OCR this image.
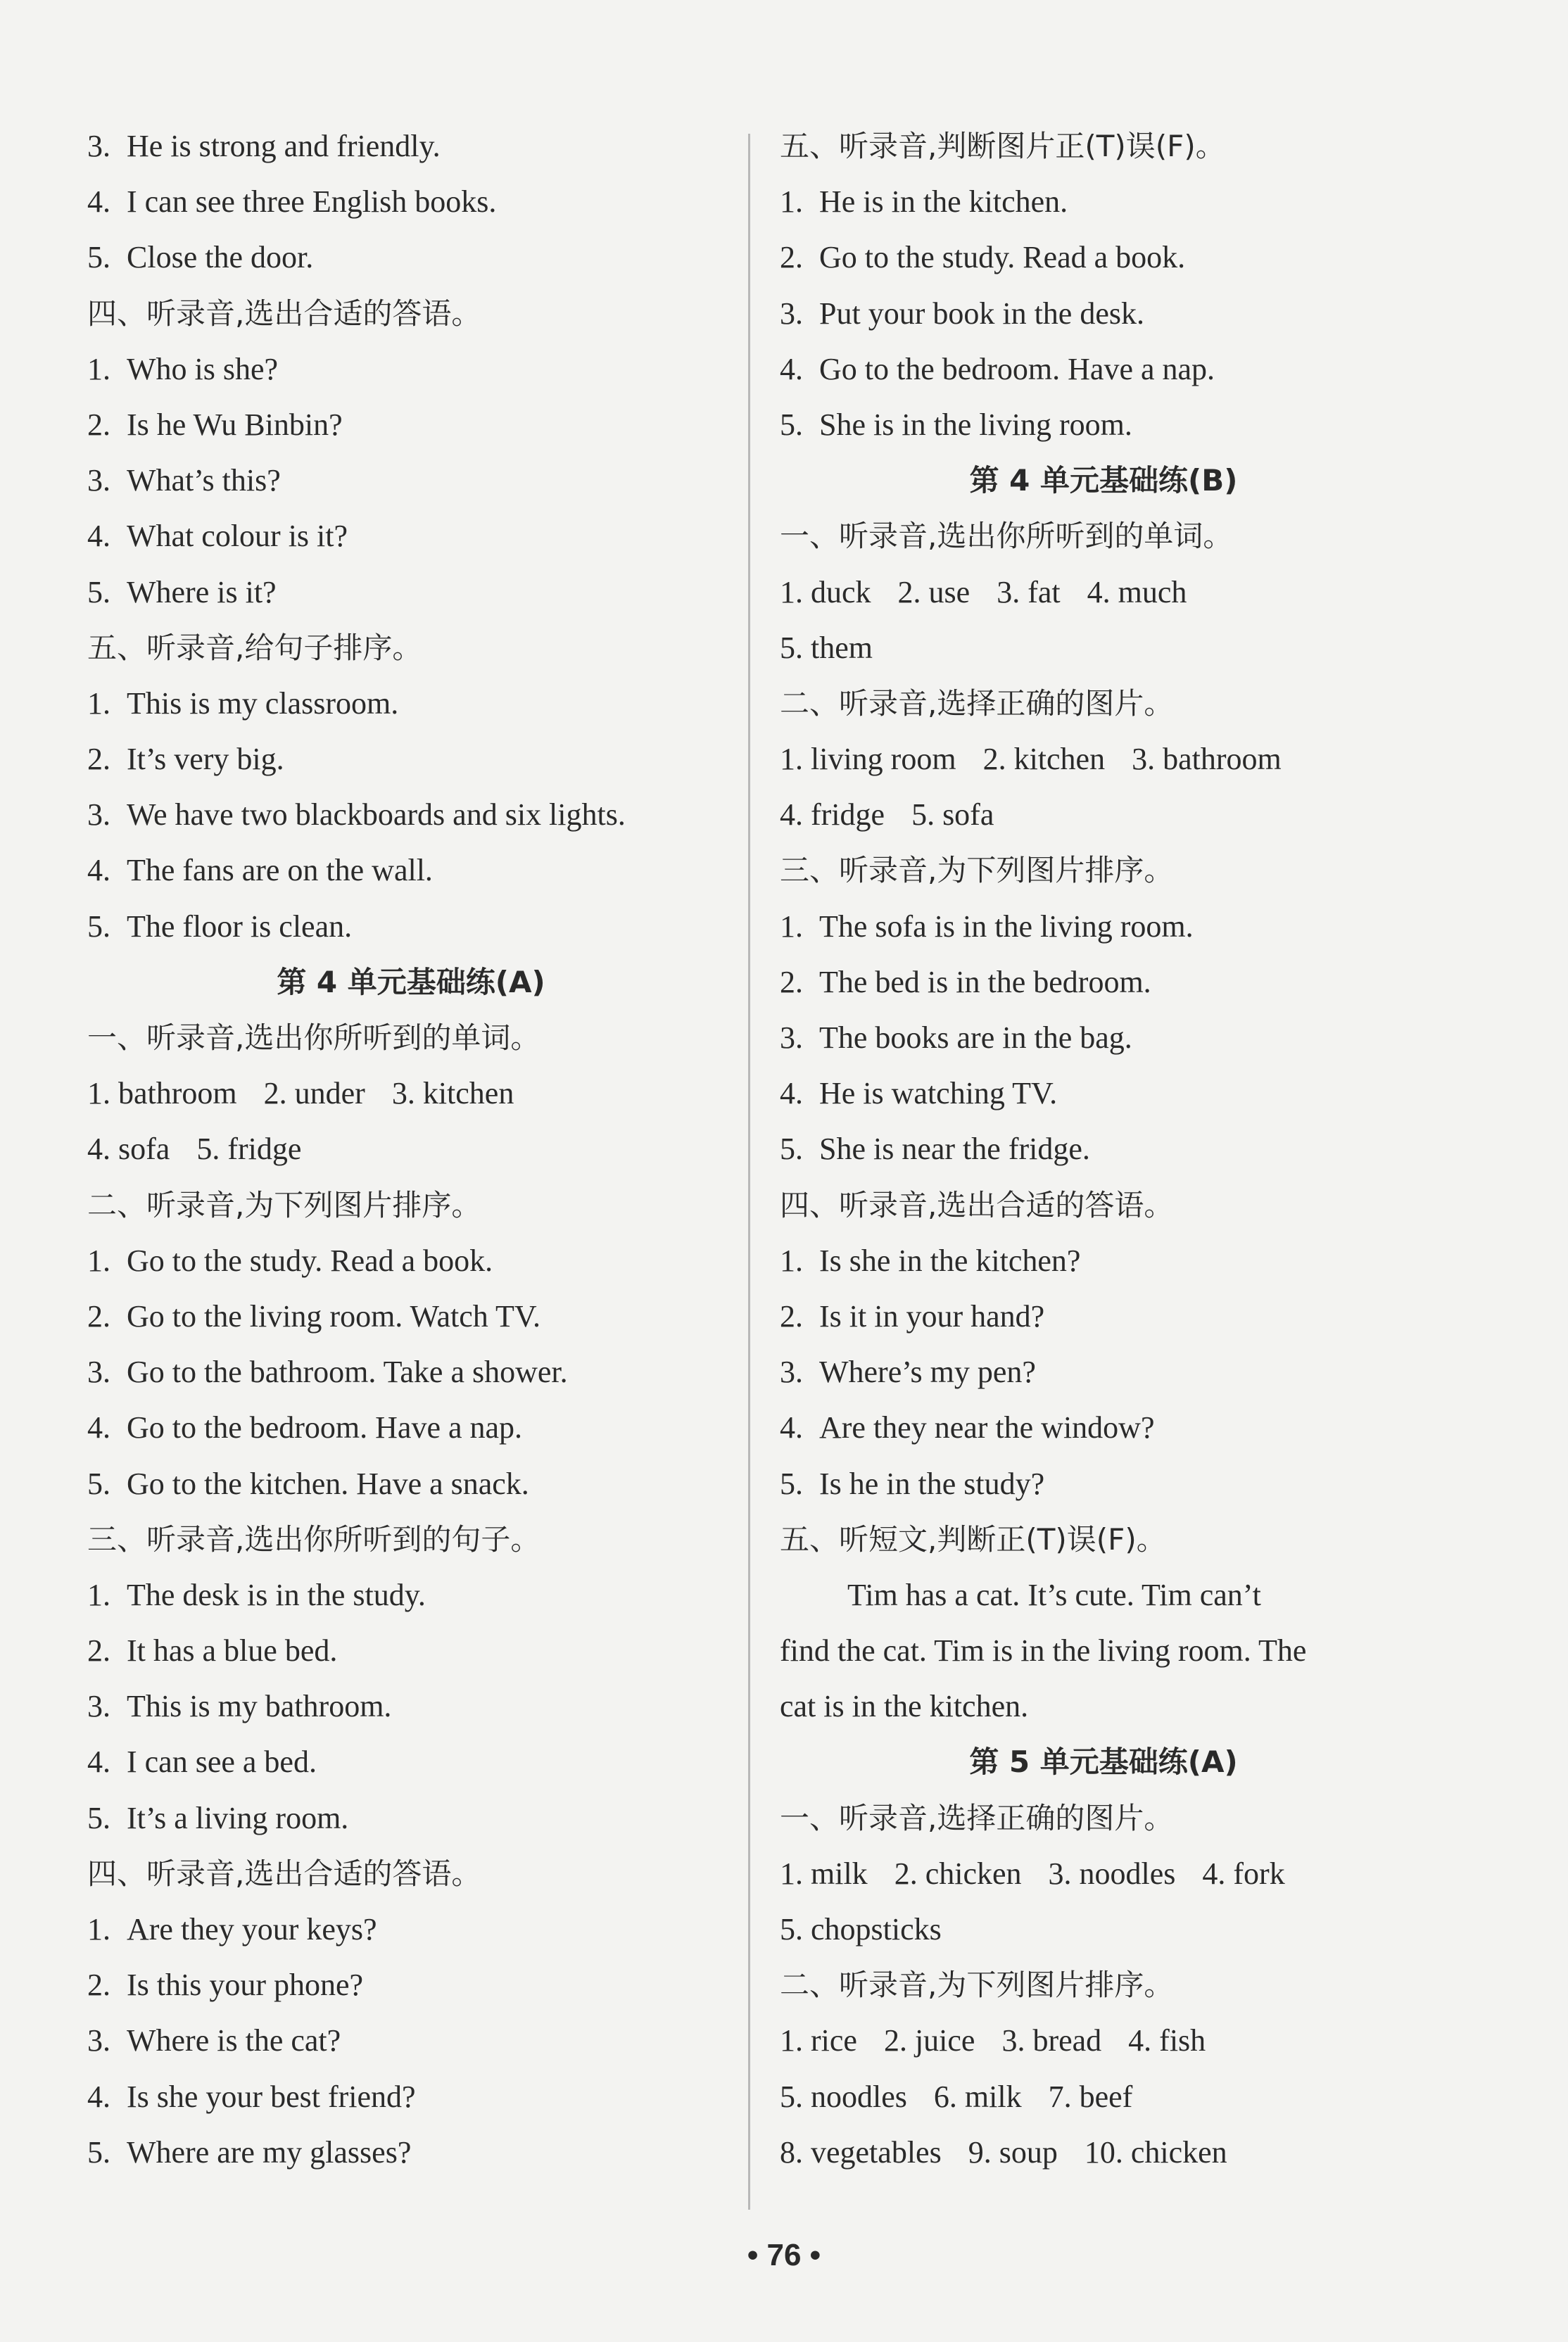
3. He is strong and friendly.
4. I can see three English books.
5. Close the door.
四、听录音,选出合适的答语。
1. Who is she?
2. Is he Wu Binbin?
3. What’s this?
4. What colour is it?
5. Where is it?
五、听录音,给句子排序。
1. This is my classroom.
2. It’s very big.
3. We have two blackboards and six lights.
4. The fans are on the wall.
5. The floor is clean.
第 4 单元基础练(A)
一、听录音,选出你所听到的单词。
1. bathroom 2. under 3. kitchen
4. sofa 5. fridge
二、听录音,为下列图片排序。
1. Go to the study. Read a book.
2. Go to the living room. Watch TV.
3. Go to the bathroom. Take a shower.
4. Go to the bedroom. Have a nap.
5. Go to the kitchen. Have a snack.
三、听录音,选出你所听到的句子。
1. The desk is in the study.
2. It has a blue bed.
3. This is my bathroom.
4. I can see a bed.
5. It’s a living room.
四、听录音,选出合适的答语。
1. Are they your keys?
2. Is this your phone?
3. Where is the cat?
4. Is she your best friend?
5. Where are my glasses?
五、听录音,判断图片正(T)误(F)。
1. He is in the kitchen.
2. Go to the study. Read a book.
3. Put your book in the desk.
4. Go to the bedroom. Have a nap.
5. She is in the living room.
第 4 单元基础练(B)
一、听录音,选出你所听到的单词。
1. duck 2. use 3. fat 4. much
5. them
二、听录音,选择正确的图片。
1. living room 2. kitchen 3. bathroom
4. fridge 5. sofa
三、听录音,为下列图片排序。
1. The sofa is in the living room.
2. The bed is in the bedroom.
3. The books are in the bag.
4. He is watching TV.
5. She is near the fridge.
四、听录音,选出合适的答语。
1. Is she in the kitchen?
2. Is it in your hand?
3. Where’s my pen?
4. Are they near the window?
5. Is he in the study?
五、听短文,判断正(T)误(F)。
Tim has a cat. It’s cute. Tim can’t
find the cat. Tim is in the living room. The
cat is in the kitchen.
第 5 单元基础练(A)
一、听录音,选择正确的图片。
1. milk 2. chicken 3. noodles 4. fork
5. chopsticks
二、听录音,为下列图片排序。
1. rice 2. juice 3. bread 4. fish
5. noodles 6. milk 7. beef
8. vegetables 9. soup 10. chicken
• 76 •
